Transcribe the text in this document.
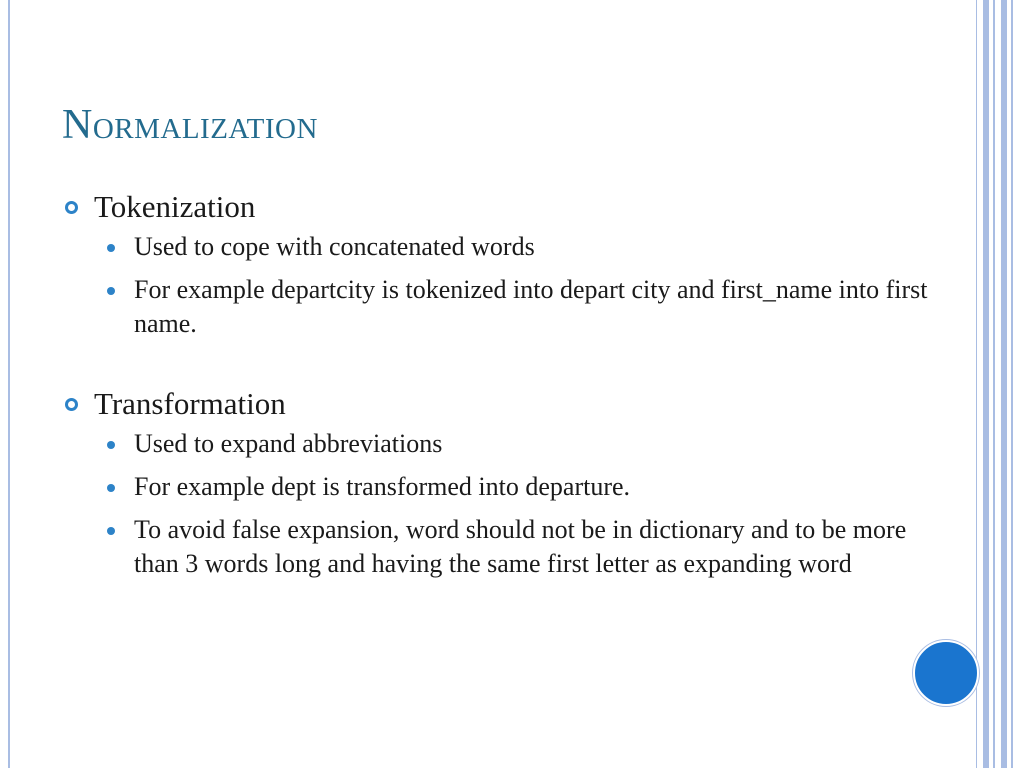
Normalization

Tokenization

Used to cope with concatenated words

For example departcity is tokenized into depart city and first_name into first name.

Transformation

Used to expand abbreviations

For example dept is transformed into departure.

To avoid false expansion, word should not be in dictionary and to be more than 3 words long and having the same first letter as expanding word
